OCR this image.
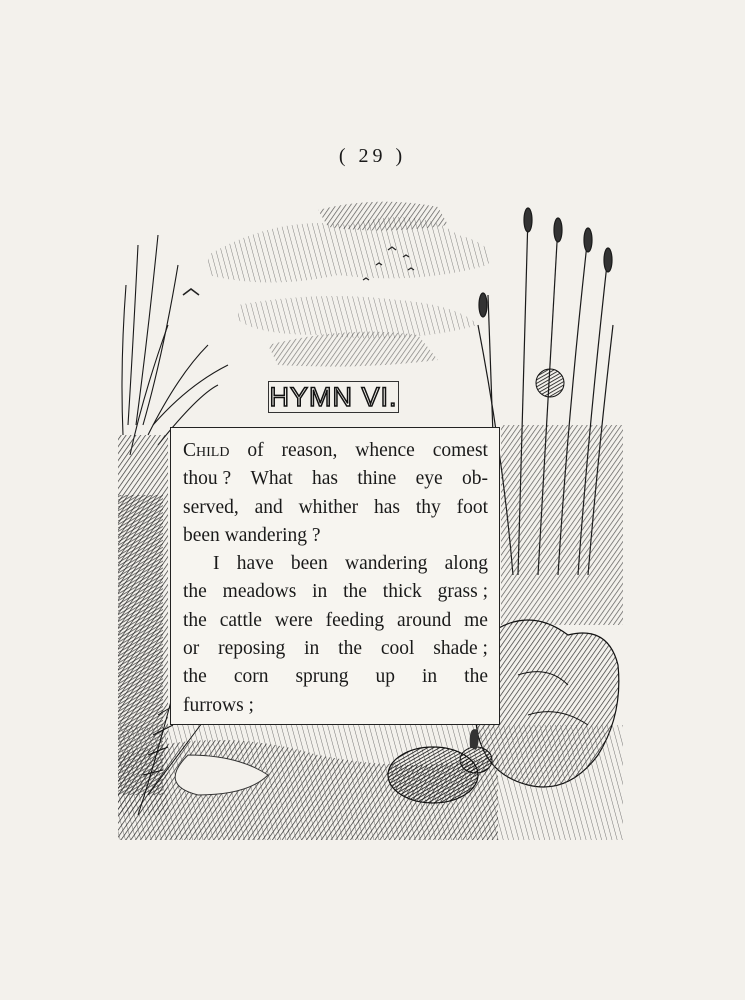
( 29 )
HYMN VI.
Child of reason, whence comest
thou ? What has thine eye ob-
served, and whither has thy foot
been
wandering ?
I have been wandering along
the meadows in the thick grass ;
the cattle were feeding around me
or reposing in the cool shade ;
the corn sprung up in the
furrows ;
